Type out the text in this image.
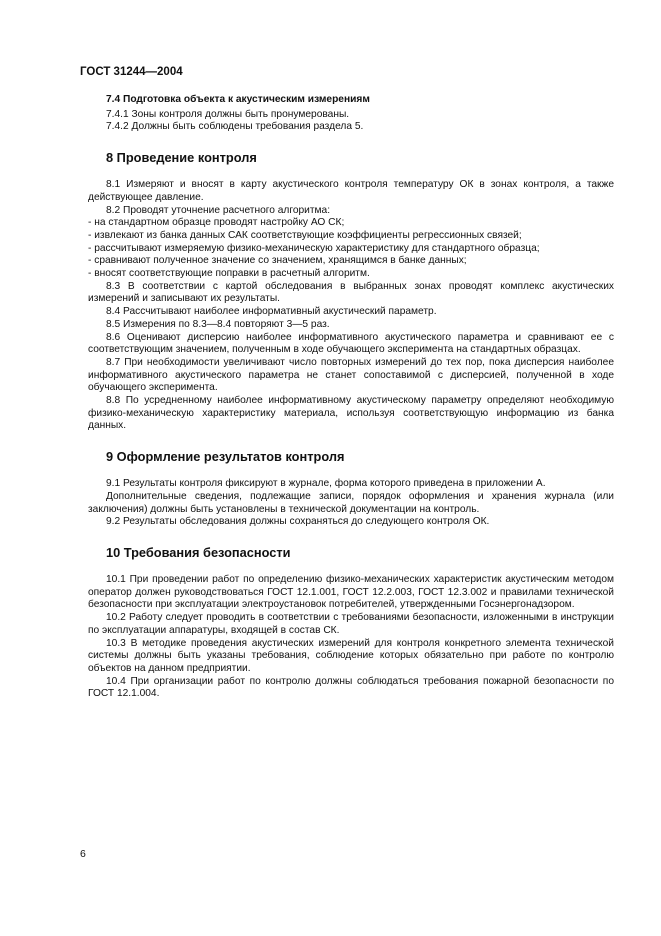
ГОСТ 31244—2004

7.4 Подготовка объекта к акустическим измерениям

7.4.1 Зоны контроля должны быть пронумерованы.

7.4.2 Должны быть соблюдены требования раздела 5.

8 Проведение контроля

8.1 Измеряют и вносят в карту акустического контроля температуру ОК в зонах контроля, а также действующее давление.

8.2 Проводят уточнение расчетного алгоритма:

- на стандартном образце проводят настройку АО СК;

- извлекают из банка данных САК соответствующие коэффициенты регрессионных связей;

- рассчитывают измеряемую физико-механическую характеристику для стандартного образца;

- сравнивают полученное значение со значением, хранящимся в банке данных;

- вносят соответствующие поправки в расчетный алгоритм.

8.3 В соответствии с картой обследования в выбранных зонах проводят комплекс акустических измерений и записывают их результаты.

8.4 Рассчитывают наиболее информативный акустический параметр.

8.5 Измерения по 8.3—8.4 повторяют 3—5 раз.

8.6 Оценивают дисперсию наиболее информативного акустического параметра и сравнивают ее с соответствующим значением, полученным в ходе обучающего эксперимента на стандартных образцах.

8.7 При необходимости увеличивают число повторных измерений до тех пор, пока дисперсия наиболее информативного акустического параметра не станет сопоставимой с дисперсией, полученной в ходе обучающего эксперимента.

8.8 По усредненному наиболее информативному акустическому параметру определяют необходимую физико-механическую характеристику материала, используя соответствующую информацию из банка данных.

9 Оформление результатов контроля

9.1 Результаты контроля фиксируют в журнале, форма которого приведена в приложении А.

Дополнительные сведения, подлежащие записи, порядок оформления и хранения журнала (или заключения) должны быть установлены в технической документации на контроль.

9.2 Результаты обследования должны сохраняться до следующего контроля ОК.

10 Требования безопасности

10.1 При проведении работ по определению физико-механических характеристик акустическим методом оператор должен руководствоваться ГОСТ 12.1.001, ГОСТ 12.2.003, ГОСТ 12.3.002 и правилами технической безопасности при эксплуатации электроустановок потребителей, утвержденными Госэнергонадзором.

10.2 Работу следует проводить в соответствии с требованиями безопасности, изложенными в инструкции по эксплуатации аппаратуры, входящей в состав СК.

10.3 В методике проведения акустических измерений для контроля конкретного элемента технической системы должны быть указаны требования, соблюдение которых обязательно при работе по контролю объектов на данном предприятии.

10.4 При организации работ по контролю должны соблюдаться требования пожарной безопасности по ГОСТ 12.1.004.

6
